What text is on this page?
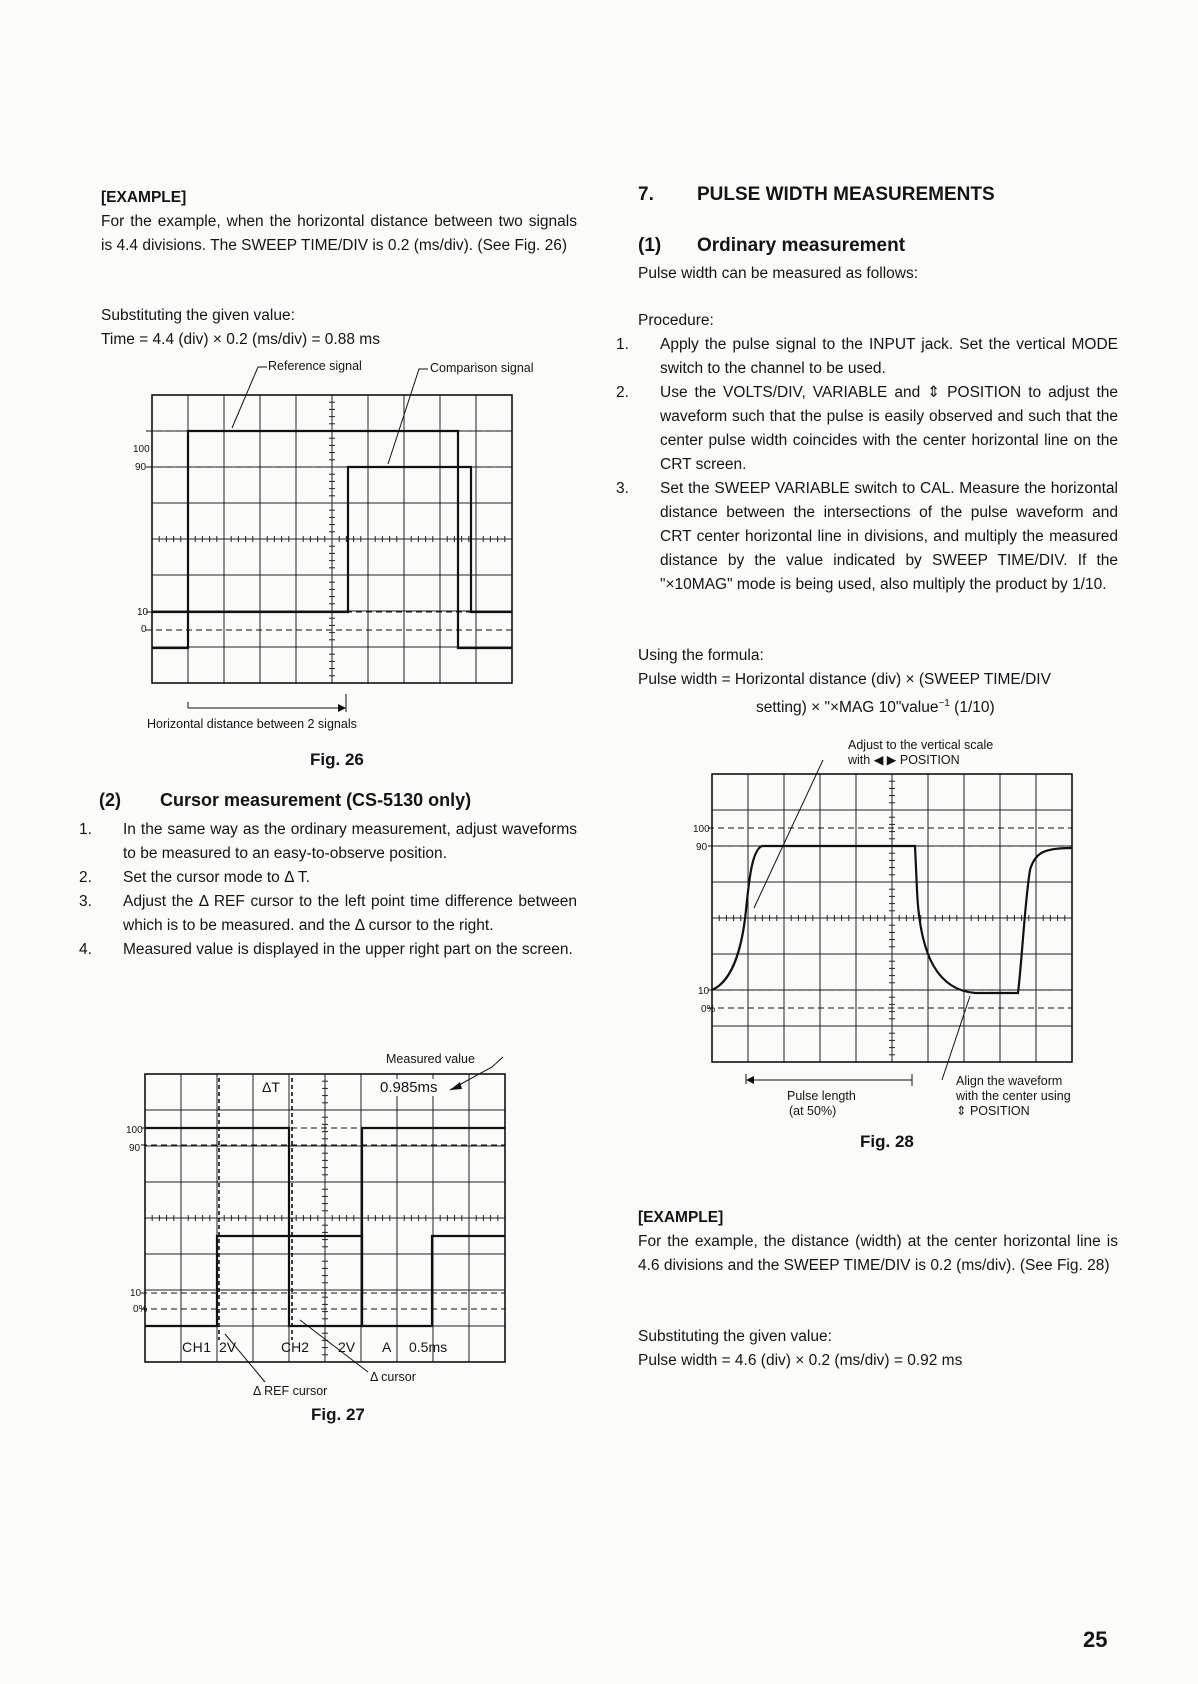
[EXAMPLE]
For the example, when the horizontal distance between two signals is 4.4 divisions. The SWEEP TIME/DIV is 0.2 (ms/div). (See Fig. 26)
Substituting the given value:
Time = 4.4 (div) × 0.2 (ms/div) = 0.88 ms
Reference signal	Comparison signal
100
90
10
0
Horizontal distance between 2 signals
Fig. 26
(2) Cursor measurement (CS-5130 only)
1. In the same way as the ordinary measurement, adjust waveforms to be measured to an easy-to-observe position.
2. Set the cursor mode to Δ T.
3. Adjust the Δ REF cursor to the left point time difference between which is to be measured. and the Δ cursor to the right.
4. Measured value is displayed in the upper right part on the screen.
Measured value
100
90
10
0%
ΔT	0.985ms
CH1 2V	CH2 2V A 0.5ms
Δ REF cursor
Δ cursor
Fig. 27
7. PULSE WIDTH MEASUREMENTS
(1) Ordinary measurement
Pulse width can be measured as follows:
Procedure:
1. Apply the pulse signal to the INPUT jack. Set the vertical MODE switch to the channel to be used.
2. Use the VOLTS/DIV, VARIABLE and ⇕ POSITION to adjust the waveform such that the pulse is easily observed and such that the center pulse width coincides with the center horizontal line on the CRT screen.
3. Set the SWEEP VARIABLE switch to CAL. Measure the horizontal distance between the intersections of the pulse waveform and CRT center horizontal line in divisions, and multiply the measured distance by the value indicated by SWEEP TIME/DIV. If the "×10MAG" mode is being used, also multiply the product by 1/10.
Using the formula:
Pulse width = Horizontal distance (div) × (SWEEP TIME/DIV
setting) × "×MAG 10"value$^{-1}$ (1/10)
Adjust to the vertical scale
with ◀ ▶ POSITION
100
90
10
0%
Pulse length
(at 50%)
Align the waveform
with the center using
⇕ POSITION
Fig. 28
[EXAMPLE]
For the example, the distance (width) at the center horizontal line is 4.6 divisions and the SWEEP TIME/DIV is 0.2 (ms/div). (See Fig. 28)
Substituting the given value:
Pulse width = 4.6 (div) × 0.2 (ms/div) = 0.92 ms
25
